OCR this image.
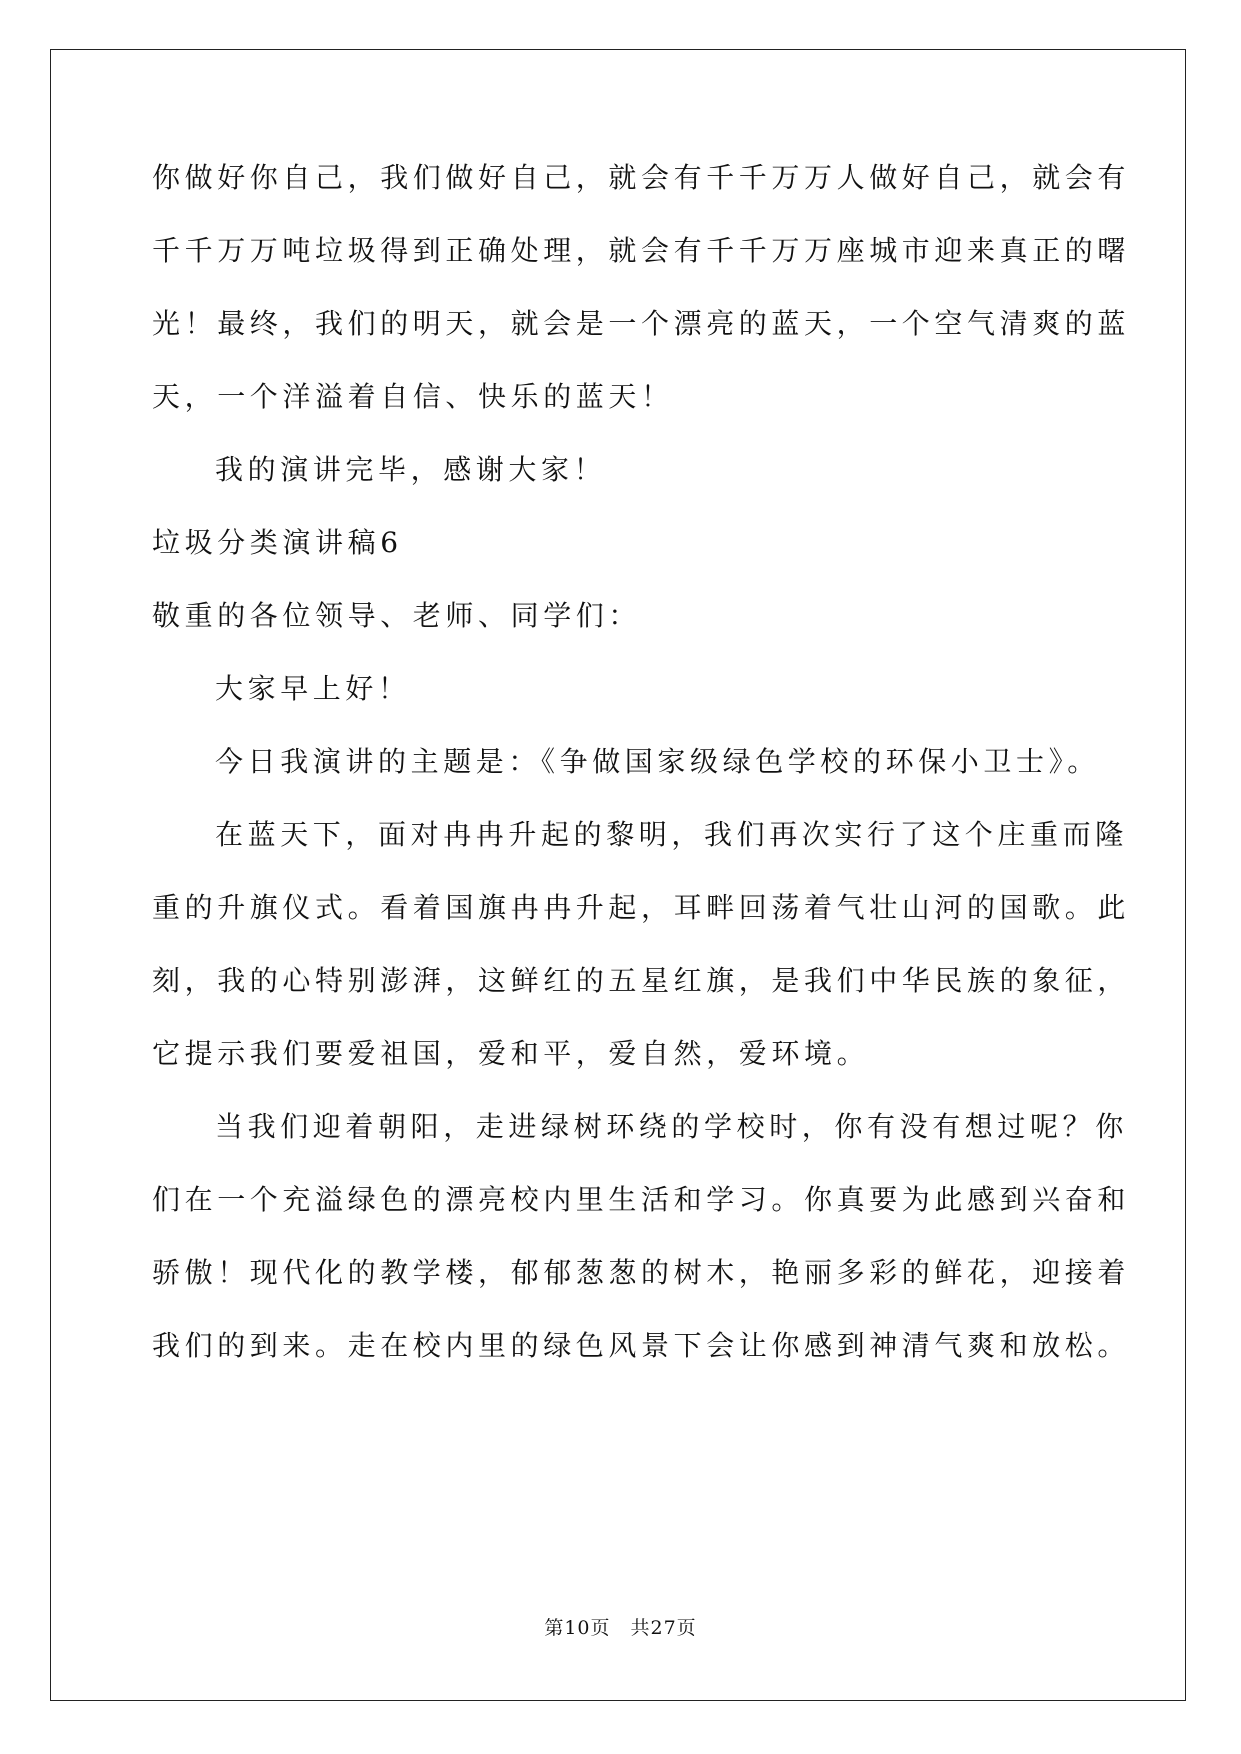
你做好你自己，我们做好自己，就会有千千万万人做好自己，就会有
千千万万吨垃圾得到正确处理，就会有千千万万座城市迎来真正的曙
光！最终，我们的明天，就会是一个漂亮的蓝天，一个空气清爽的蓝
天，一个洋溢着自信、快乐的蓝天！
我的演讲完毕，感谢大家！
垃圾分类演讲稿6
敬重的各位领导、老师、同学们：
大家早上好！
今日我演讲的主题是：《争做国家级绿色学校的环保小卫士》。
在蓝天下，面对冉冉升起的黎明，我们再次实行了这个庄重而隆
重的升旗仪式。看着国旗冉冉升起，耳畔回荡着气壮山河的国歌。此
刻，我的心特别澎湃，这鲜红的五星红旗，是我们中华民族的象征，
它提示我们要爱祖国，爱和平，爱自然，爱环境。
当我们迎着朝阳，走进绿树环绕的学校时，你有没有想过呢？你
们在一个充溢绿色的漂亮校内里生活和学习。你真要为此感到兴奋和
骄傲！现代化的教学楼，郁郁葱葱的树木，艳丽多彩的鲜花，迎接着
我们的到来。走在校内里的绿色风景下会让你感到神清气爽和放松。
第10页　共27页
